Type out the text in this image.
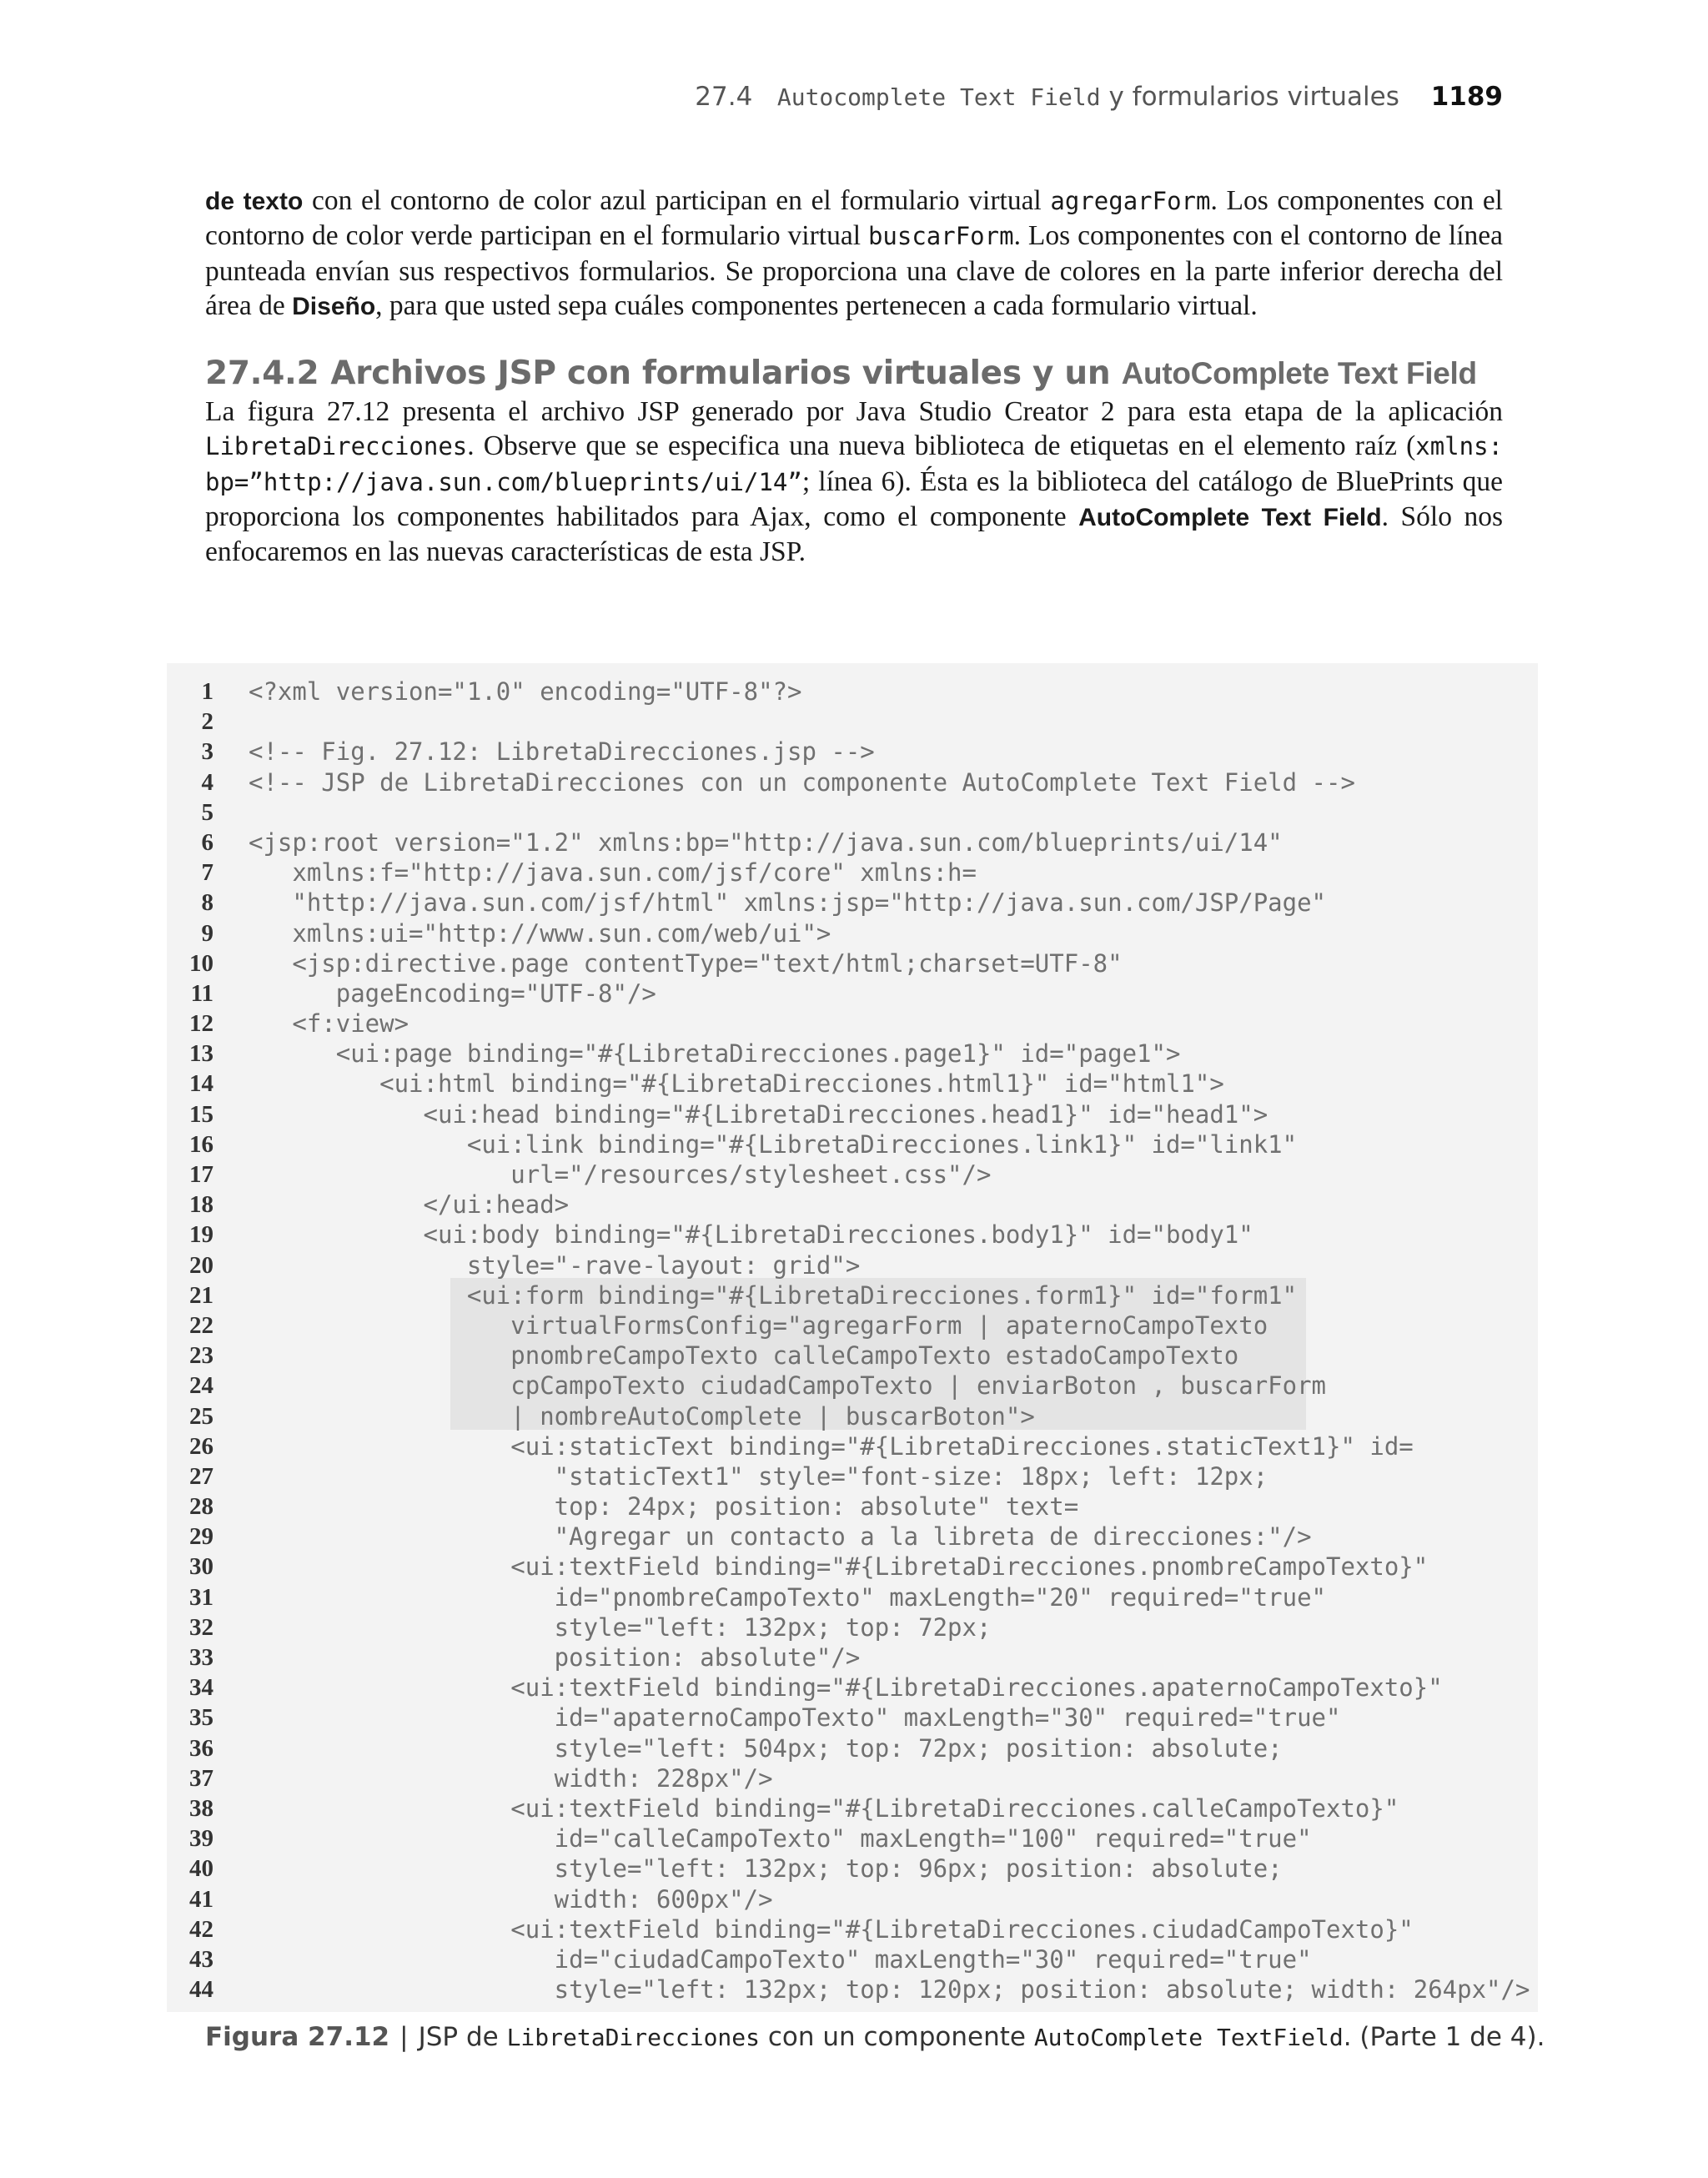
27.4 Autocomplete Text Field y formularios virtuales 1189

de texto con el contorno de color azul participan en el formulario virtual agregarForm. Los componentes con el contorno de color verde participan en el formulario virtual buscarForm. Los componentes con el contorno de línea punteada envían sus respectivos formularios. Se proporciona una clave de colores en la parte inferior derecha del área de Diseño, para que usted sepa cuáles componentes pertenecen a cada formulario virtual.

27.4.2 Archivos JSP con formularios virtuales y un AutoComplete Text Field

La figura 27.12 presenta el archivo JSP generado por Java Studio Creator 2 para esta etapa de la aplicación LibretaDirecciones. Observe que se especifica una nueva biblioteca de etiquetas en el elemento raíz (xmlns: bp=”http://java.sun.com/blueprints/ui/14”; línea 6). Ésta es la biblioteca del catálogo de BluePrints que proporciona los componentes habilitados para Ajax, como el componente AutoComplete Text Field. Sólo nos enfocaremos en las nuevas características de esta JSP.

1 <?xml version="1.0" encoding="UTF-8"?>
2
3 <!-- Fig. 27.12: LibretaDirecciones.jsp -->
4 <!-- JSP de LibretaDirecciones con un componente AutoComplete Text Field -->
5
6 <jsp:root version="1.2" xmlns:bp="http://java.sun.com/blueprints/ui/14"
7 xmlns:f="http://java.sun.com/jsf/core" xmlns:h=
8 "http://java.sun.com/jsf/html" xmlns:jsp="http://java.sun.com/JSP/Page"
9 xmlns:ui="http://www.sun.com/web/ui">
10 <jsp:directive.page contentType="text/html;charset=UTF-8"
11 pageEncoding="UTF-8"/>
12 <f:view>
13 <ui:page binding="#{LibretaDirecciones.page1}" id="page1">
14 <ui:html binding="#{LibretaDirecciones.html1}" id="html1">
15 <ui:head binding="#{LibretaDirecciones.head1}" id="head1">
16 <ui:link binding="#{LibretaDirecciones.link1}" id="link1"
17 url="/resources/stylesheet.css"/>
18 </ui:head>
19 <ui:body binding="#{LibretaDirecciones.body1}" id="body1"
20 style="-rave-layout: grid">
21 <ui:form binding="#{LibretaDirecciones.form1}" id="form1"
22 virtualFormsConfig="agregarForm | apaternoCampoTexto
23 pnombreCampoTexto calleCampoTexto estadoCampoTexto
24 cpCampoTexto ciudadCampoTexto | enviarBoton , buscarForm
25 | nombreAutoComplete | buscarBoton">
26 <ui:staticText binding="#{LibretaDirecciones.staticText1}" id=
27 "staticText1" style="font-size: 18px; left: 12px;
28 top: 24px; position: absolute" text=
29 "Agregar un contacto a la libreta de direcciones:"/>
30 <ui:textField binding="#{LibretaDirecciones.pnombreCampoTexto}"
31 id="pnombreCampoTexto" maxLength="20" required="true"
32 style="left: 132px; top: 72px;
33 position: absolute"/>
34 <ui:textField binding="#{LibretaDirecciones.apaternoCampoTexto}"
35 id="apaternoCampoTexto" maxLength="30" required="true"
36 style="left: 504px; top: 72px; position: absolute;
37 width: 228px"/>
38 <ui:textField binding="#{LibretaDirecciones.calleCampoTexto}"
39 id="calleCampoTexto" maxLength="100" required="true"
40 style="left: 132px; top: 96px; position: absolute;
41 width: 600px"/>
42 <ui:textField binding="#{LibretaDirecciones.ciudadCampoTexto}"
43 id="ciudadCampoTexto" maxLength="30" required="true"
44 style="left: 132px; top: 120px; position: absolute; width: 264px"/>
Figura 27.12 | JSP de LibretaDirecciones con un componente AutoComplete TextField. (Parte 1 de 4).
